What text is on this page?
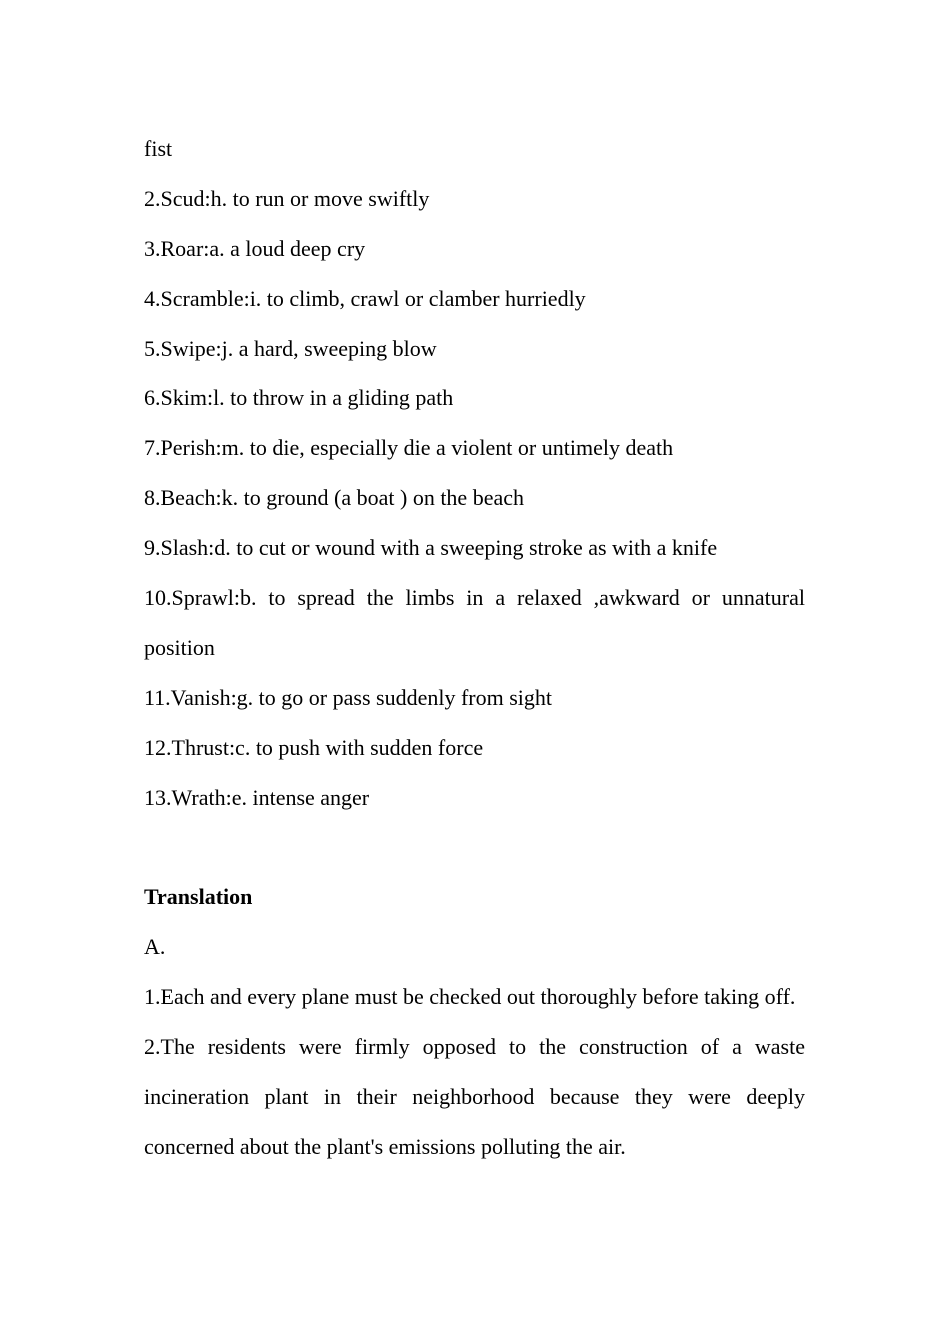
fist
2.Scud:h. to run or move swiftly
3.Roar:a. a loud deep cry
4.Scramble:i. to climb, crawl or clamber hurriedly
5.Swipe:j. a hard, sweeping blow
6.Skim:l. to throw in a gliding path
7.Perish:m. to die, especially die a violent or untimely death
8.Beach:k. to ground (a boat ) on the beach
9.Slash:d. to cut or wound with a sweeping stroke as with a knife
10.Sprawl:b. to spread the limbs in a relaxed ,awkward or unnatural position
11.Vanish:g. to go or pass suddenly from sight
12.Thrust:c. to push with sudden force
13.Wrath:e. intense anger
Translation
A.
1.Each and every plane must be checked out thoroughly before taking off.
2.The residents were firmly opposed to the construction of a waste incineration plant in their neighborhood because they were deeply concerned about the plant's emissions polluting the air.
